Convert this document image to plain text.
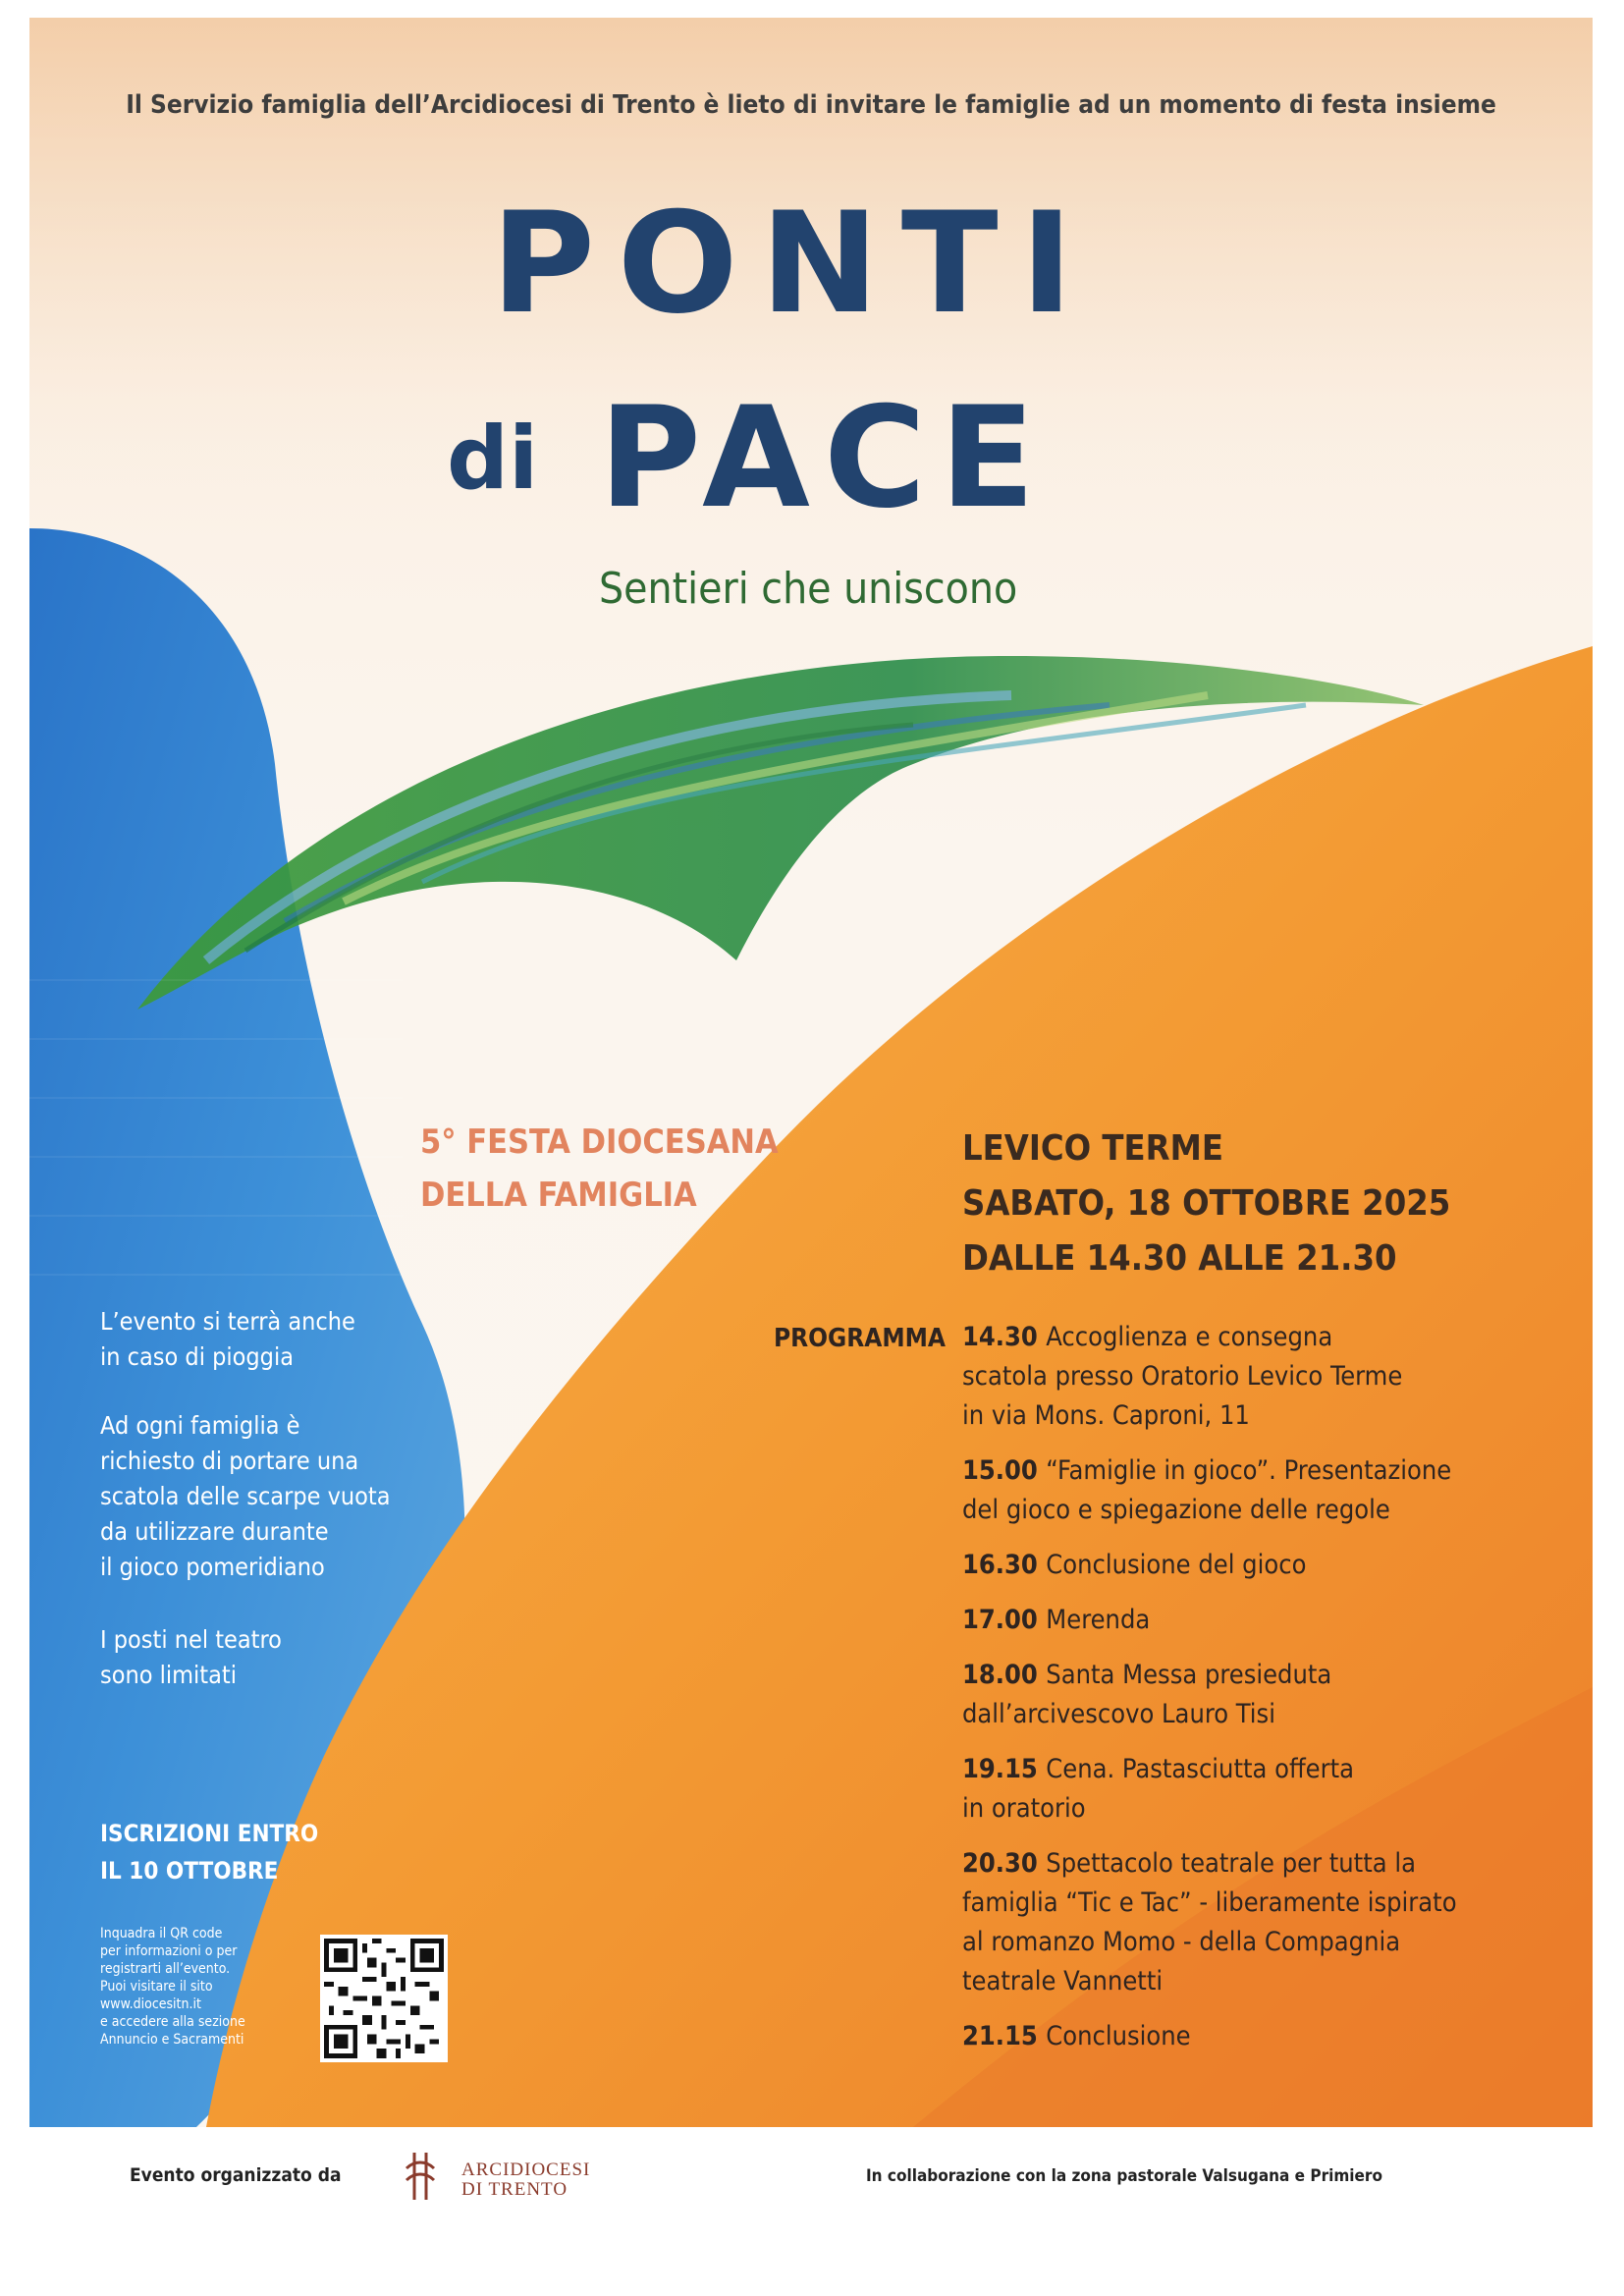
Il Servizio famiglia dell’Arcidiocesi di Trento è lieto di invitare le famiglie ad un momento di festa insieme
PONTI
di PACE
Sentieri che uniscono
5° FESTA DIOCESANA
DELLA FAMIGLIA
LEVICO TERME
SABATO, 18 OTTOBRE 2025
DALLE 14.30 ALLE 21.30
PROGRAMMA 14.30 Accoglienza e consegna
scatola presso Oratorio Levico Terme
in via Mons. Caproni, 11
15.00 “Famiglie in gioco”. Presentazione
del gioco e spiegazione delle regole
16.30 Conclusione del gioco
17.00 Merenda
18.00 Santa Messa presieduta
dall’arcivescovo Lauro Tisi
19.15 Cena. Pastasciutta offerta
in oratorio
20.30 Spettacolo teatrale per tutta la
famiglia “Tic e Tac” - liberamente ispirato
al romanzo Momo - della Compagnia
teatrale Vannetti
21.15 Conclusione
L’evento si terrà anche
in caso di pioggia
Ad ogni famiglia è
richiesto di portare una
scatola delle scarpe vuota
da utilizzare durante
il gioco pomeridiano
I posti nel teatro
sono limitati
ISCRIZIONI ENTRO
IL 10 OTTOBRE
Inquadra il QR code
per informazioni o per
registrarti all’evento.
Puoi visitare il sito
www.diocesitn.it
e accedere alla sezione
Annuncio e Sacramenti
Evento organizzato da	ARCIDIOCESI
DI TRENTO
In collaborazione con la zona pastorale Valsugana e Primiero
